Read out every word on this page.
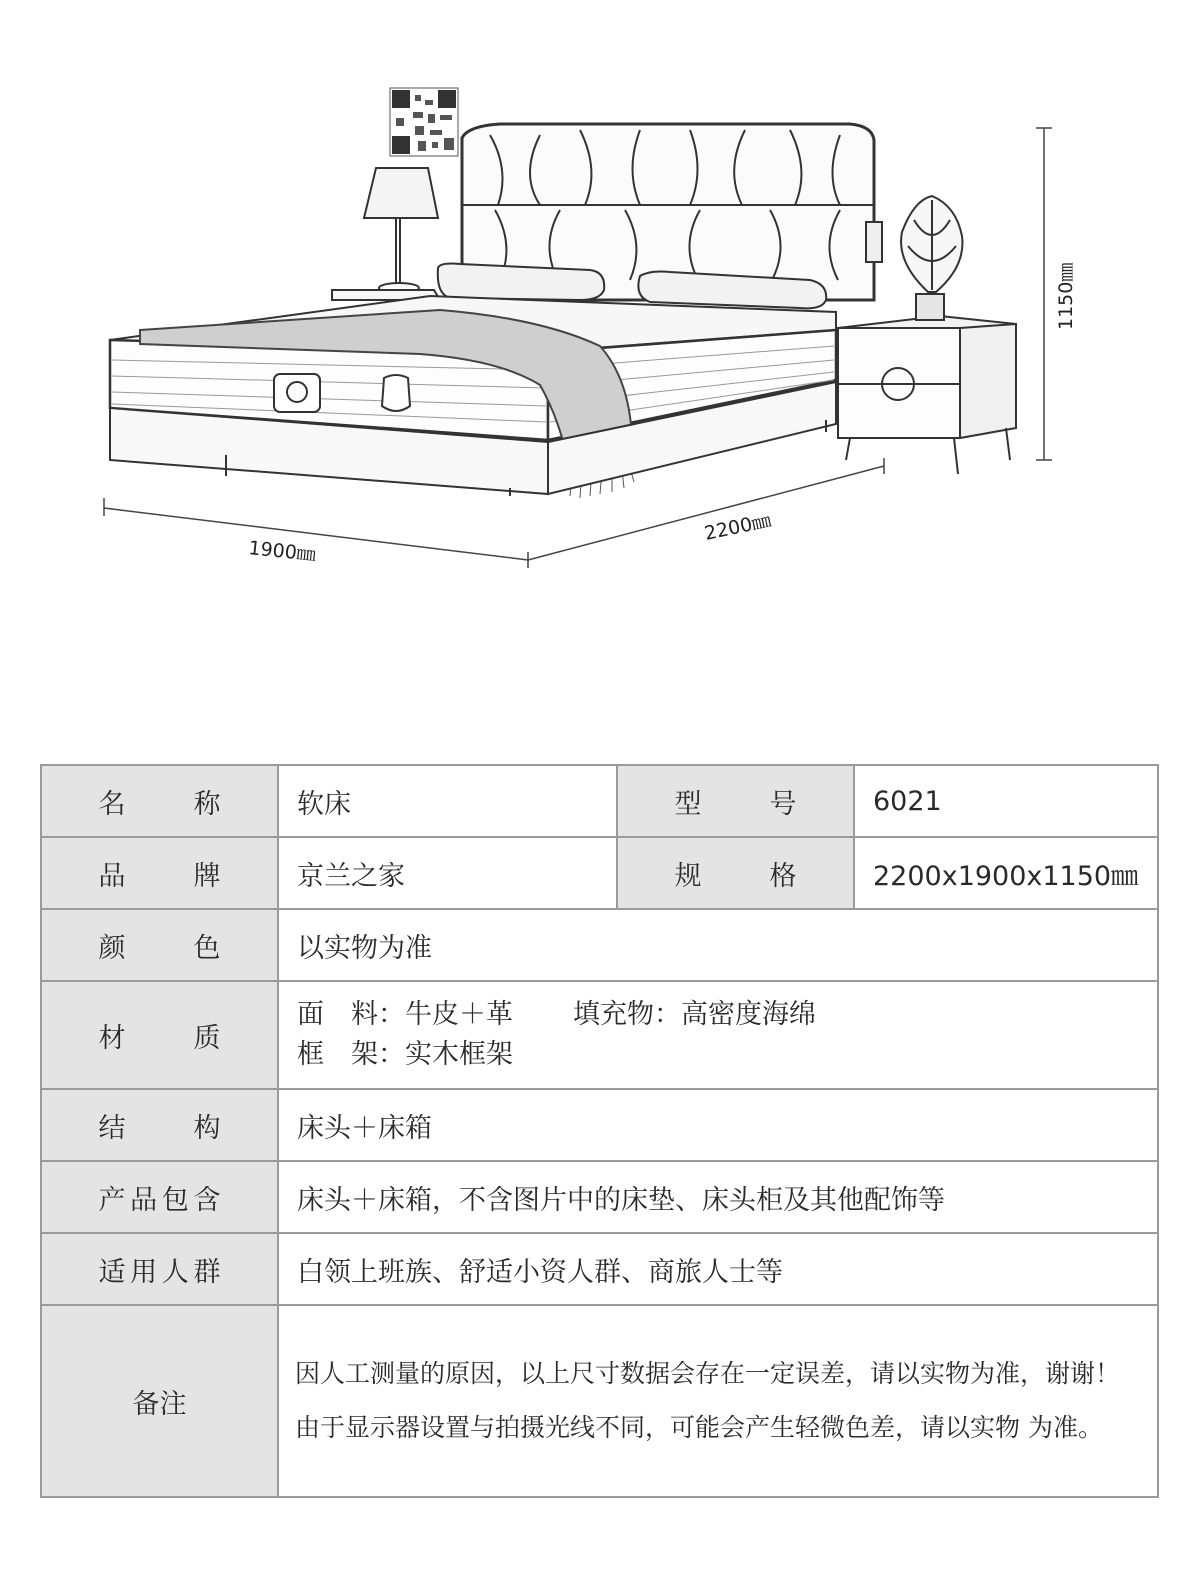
1900㎜
2200㎜
1150㎜
名称	软床	型号	6021
品牌	京兰之家	规格	2200x1900x1150㎜
颜色	以实物为准		
材质	面　料：牛皮＋革 填充物：高密度海绵
框　架：实木框架		

结构	床头＋床箱		
产品包含	床头＋床箱，不含图片中的床垫、床头柜及其他配饰等		
适用人群	白领上班族、舒适小资人群、商旅人士等		
备注	因人工测量的原因，以上尺寸数据会存在一定误差，请以实物为准，谢谢！
由于显示器设置与拍摄光线不同，可能会产生轻微色差，请以实物 为准。		
